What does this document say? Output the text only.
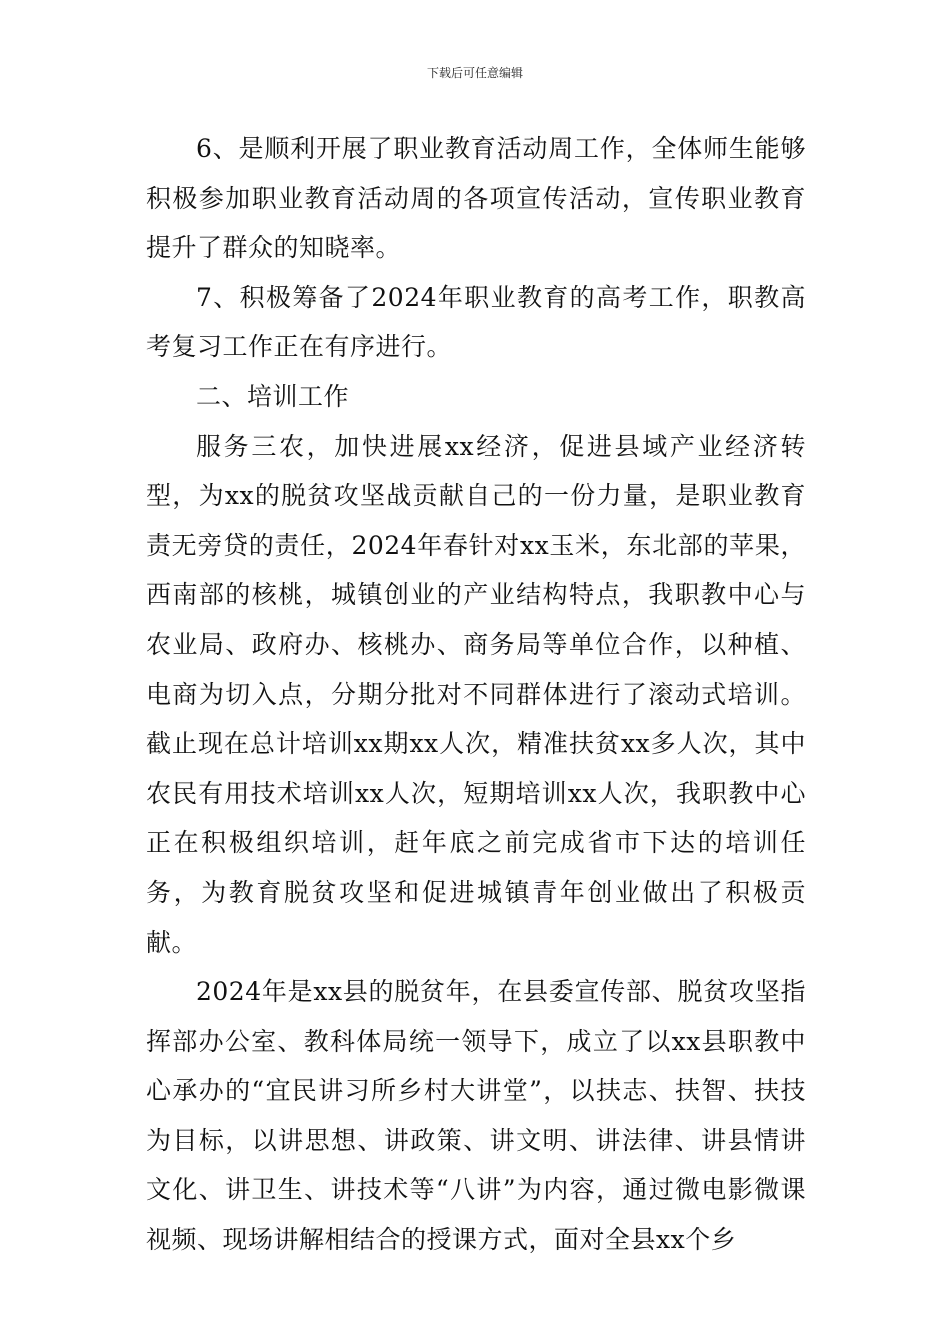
下载后可任意编辑

6、是顺利开展了职业教育活动周工作，全体师生能够积极参加职业教育活动周的各项宣传活动，宣传职业教育提升了群众的知晓率。

7、积极筹备了2024年职业教育的高考工作，职教高考复习工作正在有序进行。

二、培训工作

服务三农，加快进展xx经济，促进县域产业经济转型，为xx的脱贫攻坚战贡献自己的一份力量，是职业教育责无旁贷的责任，2024年春针对xx玉米，东北部的苹果，西南部的核桃，城镇创业的产业结构特点，我职教中心与农业局、政府办、核桃办、商务局等单位合作，以种植、电商为切入点，分期分批对不同群体进行了滚动式培训。截止现在总计培训xx期xx人次，精准扶贫xx多人次，其中农民有用技术培训xx人次，短期培训xx人次，我职教中心正在积极组织培训，赶年底之前完成省市下达的培训任务，为教育脱贫攻坚和促进城镇青年创业做出了积极贡献。

2024年是xx县的脱贫年，在县委宣传部、脱贫攻坚指挥部办公室、教科体局统一领导下，成立了以xx县职教中心承办的“宜民讲习所乡村大讲堂”，以扶志、扶智、扶技为目标，以讲思想、讲政策、讲文明、讲法律、讲县情讲文化、讲卫生、讲技术等“八讲”为内容，通过微电影微课视频、现场讲解相结合的授课方式，面对全县xx个乡
